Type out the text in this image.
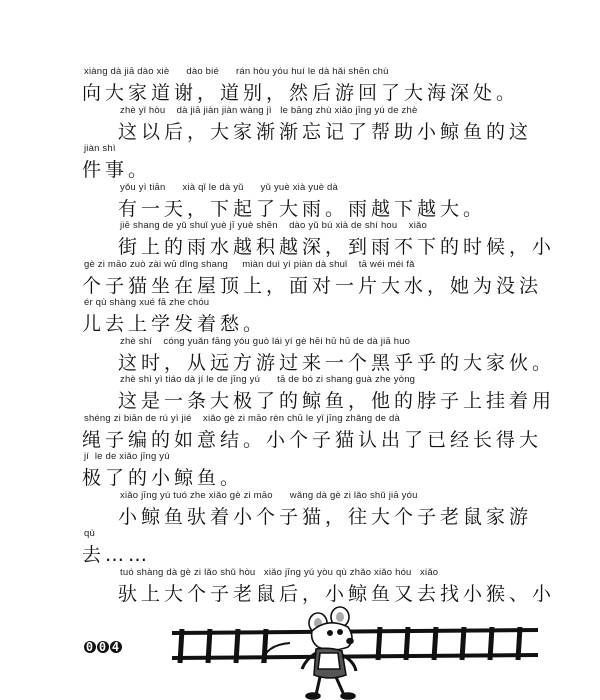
xiàng dà jiā dào xiè      dào bié      rán hòu yóu huí le dà hǎi shēn chù
向大家道谢，道别，然后游回了大海深处。
zhè yǐ hòu    dà jiā jiàn jiàn wàng jì   le bāng zhù xiǎo jīng yú de zhè
这以后，大家渐渐忘记了帮助小鲸鱼的这
jiàn shì
件事。
yǒu yì tiān      xià qǐ le dà yǔ      yǔ yuè xià yuè dà
有一天，下起了大雨。雨越下越大。
jiē shang de yǔ shuǐ yuè jī yuè shēn    dào yǔ bú xià de shí hou    xiǎo
街上的雨水越积越深，到雨不下的时候，小
gè zi māo zuò zài wū dǐng shang     miàn duì yí piàn dà shuǐ    tā wéi méi fǎ
个子猫坐在屋顶上，面对一片大水，她为没法
ér qù shàng xué fā zhe chóu
儿去上学发着愁。
zhè shí    cóng yuǎn fāng yóu guò lái yí gè hēi hū hū de dà jiā huo
这时，从远方游过来一个黑乎乎的大家伙。
zhè shì yì tiáo dà jí le de jīng yú      tā de bó zi shang guà zhe yòng
这是一条大极了的鲸鱼，他的脖子上挂着用
shéng zi biān de rú yì jié    xiǎo gè zi māo rèn chū le yǐ jīng zhǎng de dà
绳子编的如意结。小个子猫认出了已经长得大
jí  le de xiǎo jīng yú
极了的小鲸鱼。
xiǎo jīng yú tuó zhe xiǎo gè zi māo      wǎng dà gè zi lǎo shǔ jiā yóu
小鲸鱼驮着小个子猫，往大个子老鼠家游
qù
去……
tuó shàng dà gè zi lǎo shǔ hòu   xiǎo jīng yú yòu qù zhǎo xiǎo hóu   xiǎo
驮上大个子老鼠后，小鲸鱼又去找小猴、小
0 0 4
